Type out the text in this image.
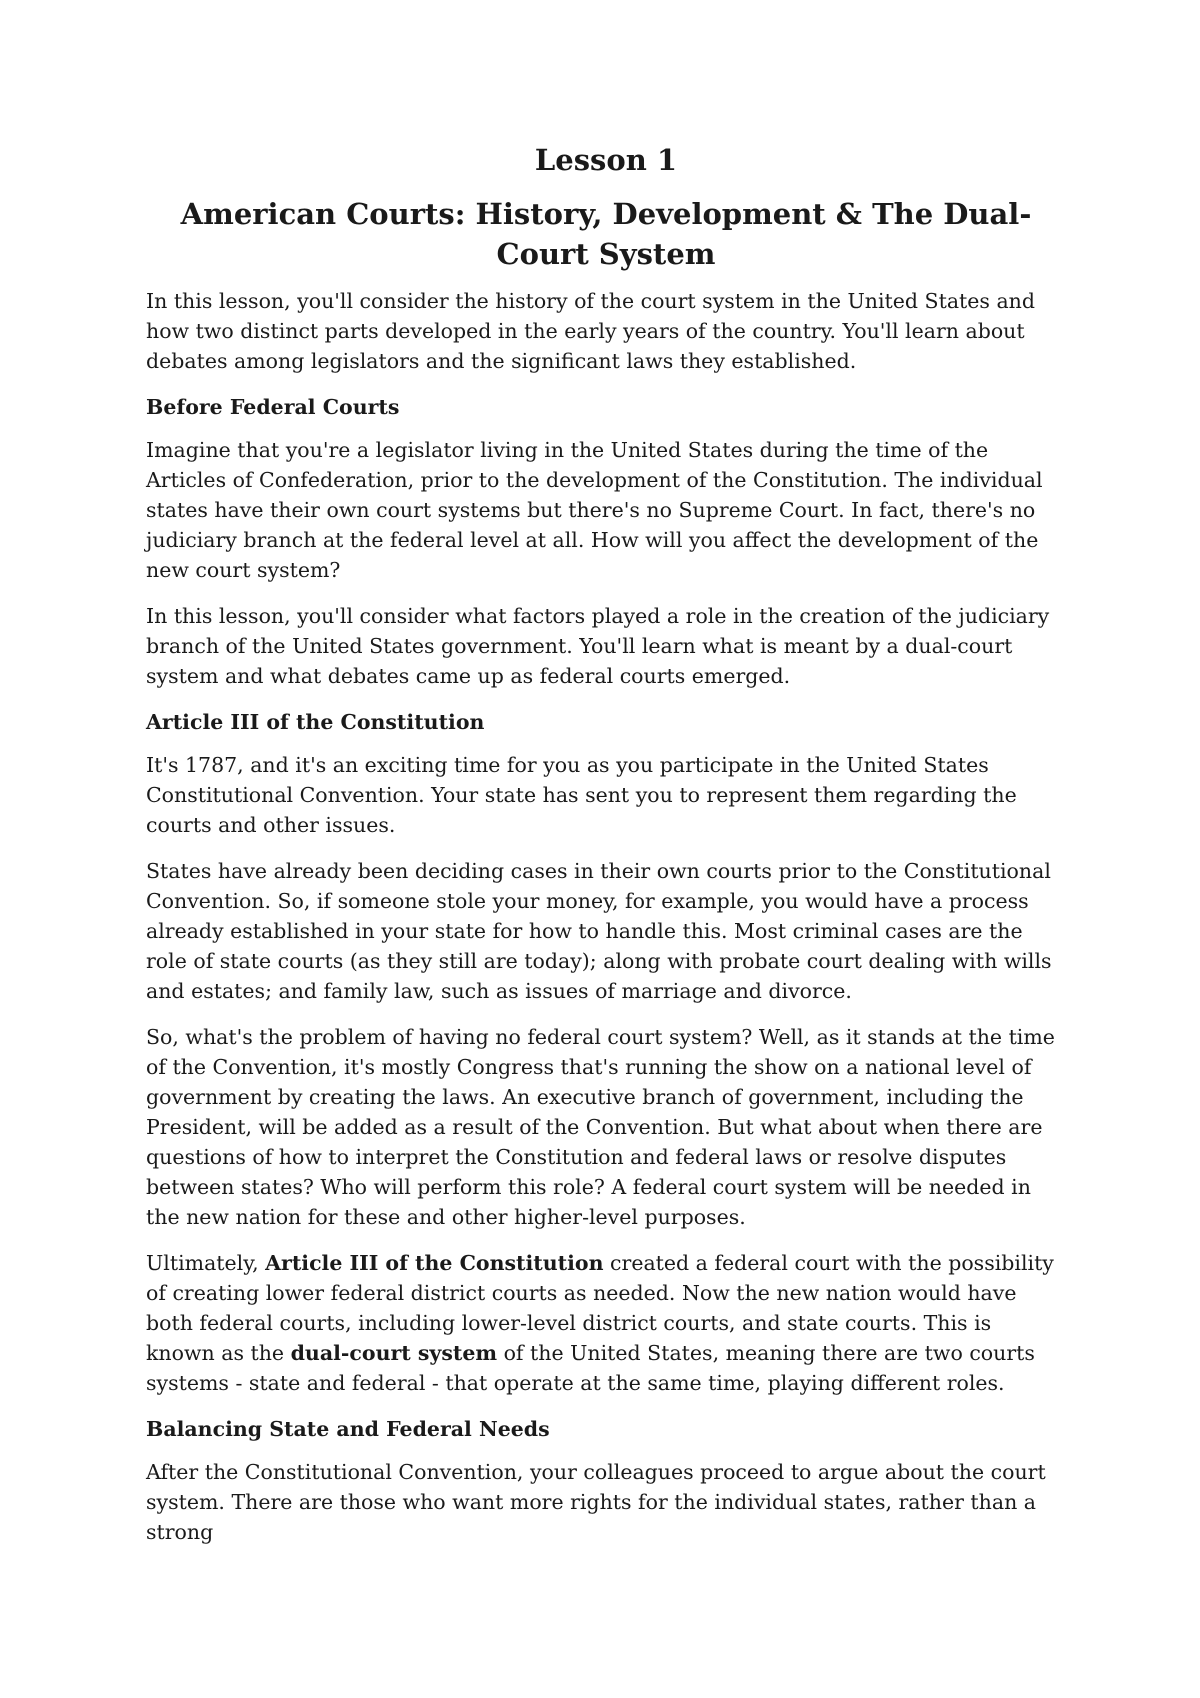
Lesson 1
American Courts: History, Development & The Dual-Court System

In this lesson, you'll consider the history of the court system in the United States and how two distinct parts developed in the early years of the country. You'll learn about debates among legislators and the significant laws they established.

Before Federal Courts

Imagine that you're a legislator living in the United States during the time of the Articles of Confederation, prior to the development of the Constitution. The individual states have their own court systems but there's no Supreme Court. In fact, there's no judiciary branch at the federal level at all. How will you affect the development of the new court system?

In this lesson, you'll consider what factors played a role in the creation of the judiciary branch of the United States government. You'll learn what is meant by a dual-court system and what debates came up as federal courts emerged.

Article III of the Constitution

It's 1787, and it's an exciting time for you as you participate in the United States Constitutional Convention. Your state has sent you to represent them regarding the courts and other issues.

States have already been deciding cases in their own courts prior to the Constitutional Convention. So, if someone stole your money, for example, you would have a process already established in your state for how to handle this. Most criminal cases are the role of state courts (as they still are today); along with probate court dealing with wills and estates; and family law, such as issues of marriage and divorce.

So, what's the problem of having no federal court system? Well, as it stands at the time of the Convention, it's mostly Congress that's running the show on a national level of government by creating the laws. An executive branch of government, including the President, will be added as a result of the Convention. But what about when there are questions of how to interpret the Constitution and federal laws or resolve disputes between states? Who will perform this role? A federal court system will be needed in the new nation for these and other higher-level purposes.

Ultimately, Article III of the Constitution created a federal court with the possibility of creating lower federal district courts as needed. Now the new nation would have both federal courts, including lower-level district courts, and state courts. This is known as the dual-court system of the United States, meaning there are two courts systems - state and federal - that operate at the same time, playing different roles.

Balancing State and Federal Needs

After the Constitutional Convention, your colleagues proceed to argue about the court system. There are those who want more rights for the individual states, rather than a strong
